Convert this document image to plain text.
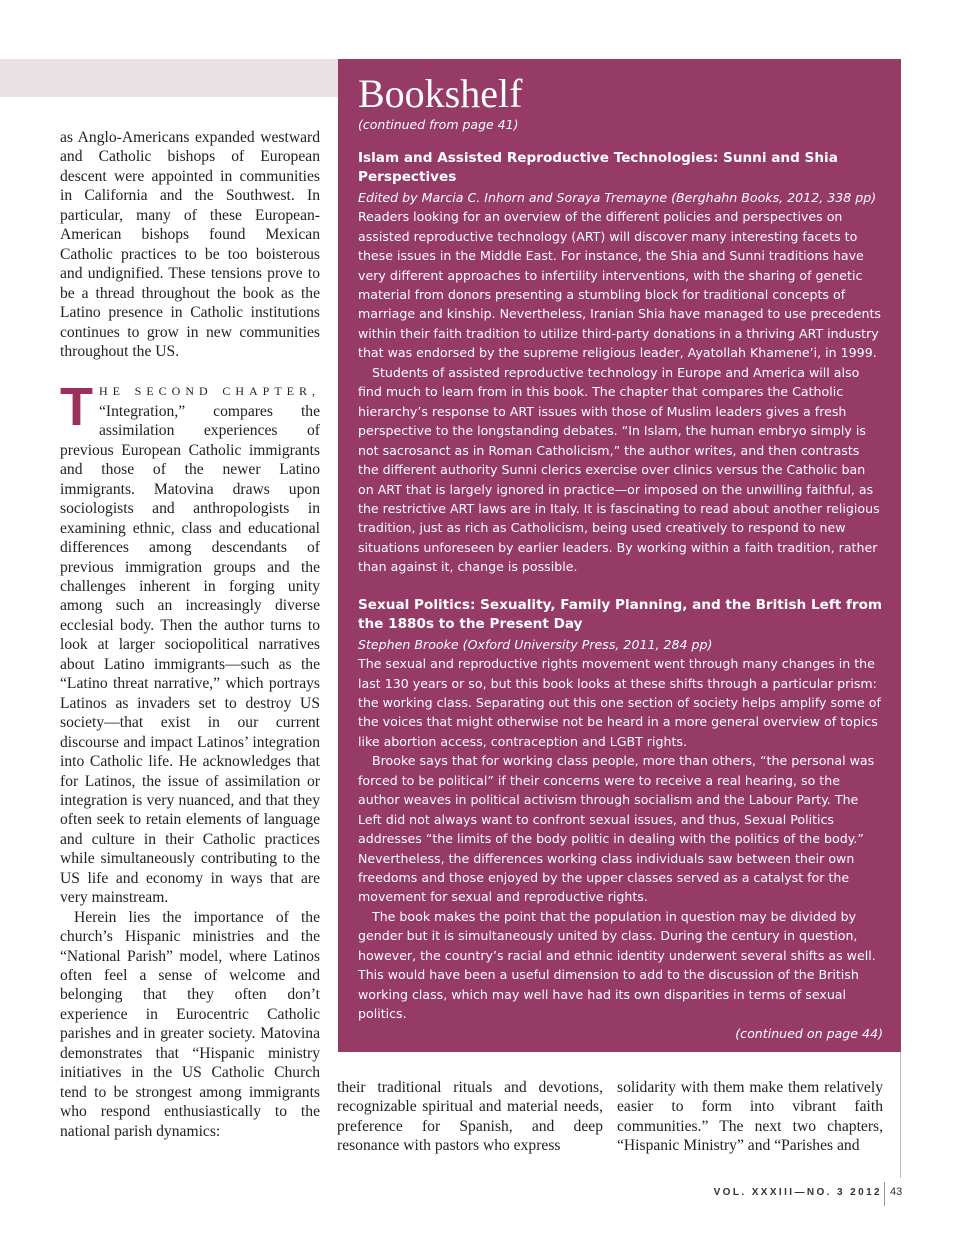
as Anglo-Americans expanded westward and Catholic bishops of European descent were appointed in communities in California and the Southwest. In particular, many of these European-American bishops found Mexican Catholic practices to be too boisterous and undignified. These tensions prove to be a thread throughout the book as the Latino presence in Catholic institutions continues to grow in new communities throughout the US.

T HE SECOND CHAPTER, “Integration,” compares the assimilation experiences of previous European Catholic immigrants and those of the newer Latino immigrants. Matovina draws upon sociologists and anthropologists in examining ethnic, class and educational differences among descendants of previous immigration groups and the challenges inherent in forging unity among such an increasingly diverse ecclesial body. Then the author turns to look at larger sociopolitical narratives about Latino immigrants—such as the “Latino threat narrative,” which portrays Latinos as invaders set to destroy US society—that exist in our current discourse and impact Latinos’ integration into Catholic life. He acknowledges that for Latinos, the issue of assimilation or integration is very nuanced, and that they often seek to retain elements of language and culture in their Catholic practices while simultaneously contributing to the US life and economy in ways that are very mainstream.

Herein lies the importance of the church’s Hispanic ministries and the “National Parish” model, where Latinos often feel a sense of welcome and belonging that they often don’t experience in Eurocentric Catholic parishes and in greater society. Matovina demonstrates that “Hispanic ministry initiatives in the US Catholic Church tend to be strongest among immigrants who respond enthusiastically to the national parish dynamics:

Bookshelf

(continued from page 41)

Islam and Assisted Reproductive Technologies: Sunni and Shia Perspectives

Edited by Marcia C. Inhorn and Soraya Tremayne (Berghahn Books, 2012, 338 pp)

Readers looking for an overview of the different policies and perspectives on assisted reproductive technology (ART) will discover many interesting facets to these issues in the Middle East. For instance, the Shia and Sunni traditions have very different approaches to infertility interventions, with the sharing of genetic material from donors presenting a stumbling block for traditional concepts of marriage and kinship. Nevertheless, Iranian Shia have managed to use precedents within their faith tradition to utilize third-party donations in a thriving ART industry that was endorsed by the supreme religious leader, Ayatollah Khamene’i, in 1999.

Students of assisted reproductive technology in Europe and America will also find much to learn from in this book. The chapter that compares the Catholic hierarchy’s response to ART issues with those of Muslim leaders gives a fresh perspective to the longstanding debates. “In Islam, the human embryo simply is not sacrosanct as in Roman Catholicism,” the author writes, and then contrasts the different authority Sunni clerics exercise over clinics versus the Catholic ban on ART that is largely ignored in practice—or imposed on the unwilling faithful, as the restrictive ART laws are in Italy. It is fascinating to read about another religious tradition, just as rich as Catholicism, being used creatively to respond to new situations unforeseen by earlier leaders. By working within a faith tradition, rather than against it, change is possible.

Sexual Politics: Sexuality, Family Planning, and the British Left from the 1880s to the Present Day

Stephen Brooke (Oxford University Press, 2011, 284 pp)

The sexual and reproductive rights movement went through many changes in the last 130 years or so, but this book looks at these shifts through a particular prism: the working class. Separating out this one section of society helps amplify some of the voices that might otherwise not be heard in a more general overview of topics like abortion access, contraception and LGBT rights.

Brooke says that for working class people, more than others, “the personal was forced to be political” if their concerns were to receive a real hearing, so the author weaves in political activism through socialism and the Labour Party. The Left did not always want to confront sexual issues, and thus, Sexual Politics addresses “the limits of the body politic in dealing with the politics of the body.” Nevertheless, the differences working class individuals saw between their own freedoms and those enjoyed by the upper classes served as a catalyst for the movement for sexual and reproductive rights.

The book makes the point that the population in question may be divided by gender but it is simultaneously united by class. During the century in question, however, the country’s racial and ethnic identity underwent several shifts as well. This would have been a useful dimension to add to the discussion of the British working class, which may well have had its own disparities in terms of sexual politics.

(continued on page 44)

their traditional rituals and devotions, recognizable spiritual and material needs, preference for Spanish, and deep resonance with pastors who express

solidarity with them make them relatively easier to form into vibrant faith communities.” The next two chapters, “Hispanic Ministry” and “Parishes and

VOL. XXXIII—NO. 3 2012 43
